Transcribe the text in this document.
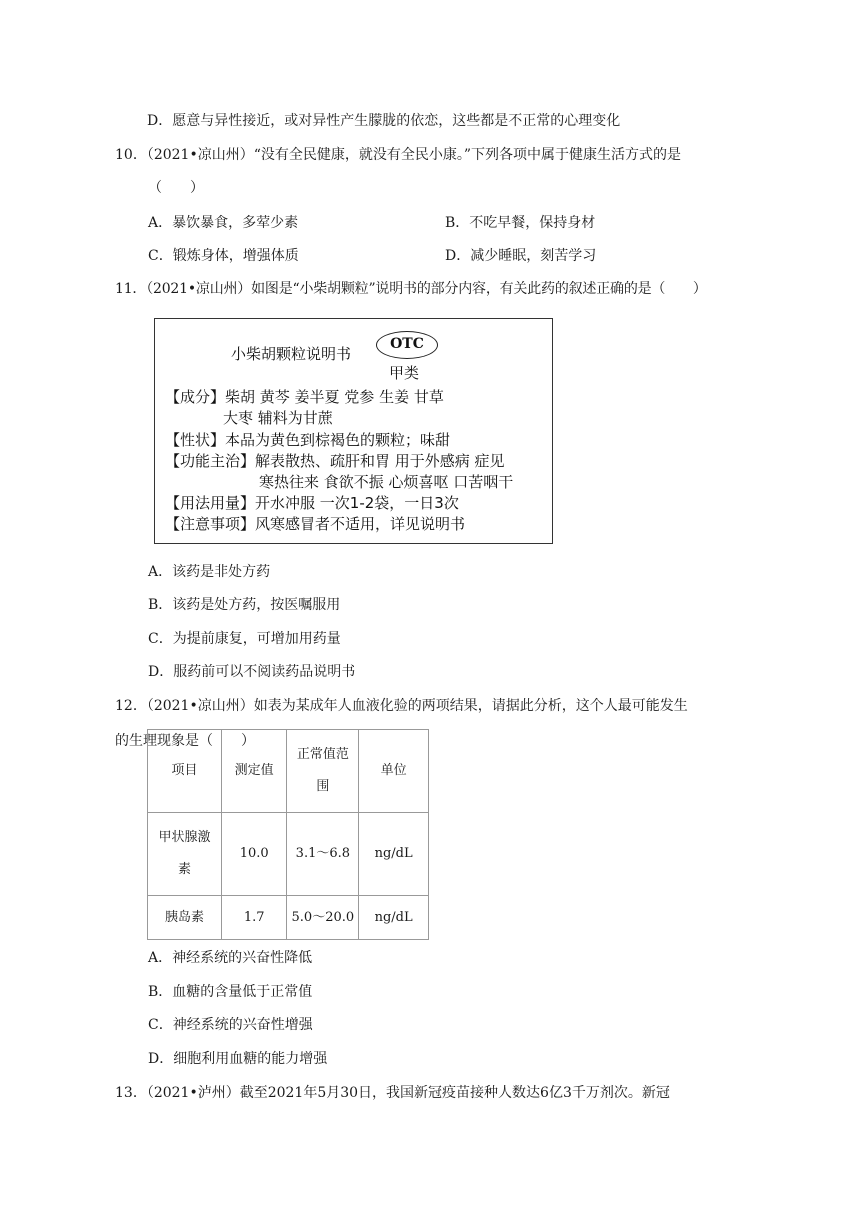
D．愿意与异性接近，或对异性产生朦胧的依恋，这些都是不正常的心理变化
10．（2021•凉山州）“没有全民健康，就没有全民小康。”下列各项中属于健康生活方式的是
（　　）
A．暴饮暴食，多荤少素	B．不吃早餐，保持身材
C．锻炼身体，增强体质	D．减少睡眠，刻苦学习
11．（2021•凉山州）如图是“小柴胡颗粒”说明书的部分内容，有关此药的叙述正确的是（　　）
小柴胡颗粒说明书
OTC
甲类
【成分】柴胡 黄芩 姜半夏 党参 生姜 甘草
大枣 辅料为甘蔗
【性状】本品为黄色到棕褐色的颗粒；味甜
【功能主治】解表散热、疏肝和胃 用于外感病 症见
寒热往来 食欲不振 心烦喜呕 口苦咽干
【用法用量】开水冲服 一次1-2袋，一日3次
【注意事项】风寒感冒者不适用，详见说明书
A．该药是非处方药
B．该药是处方药，按医嘱服用
C．为提前康复，可增加用药量
D．服药前可以不阅读药品说明书
12．（2021•凉山州）如表为某成年人血液化验的两项结果，请据此分析，这个人最可能发生
的生理现象是（　　）
项目	测定值	正常值范围	单位
甲状腺激素	10.0	3.1～6.8	ng/dL
胰岛素	1.7	5.0～20.0	ng/dL
A．神经系统的兴奋性降低
B．血糖的含量低于正常值
C．神经系统的兴奋性增强
D．细胞利用血糖的能力增强
13．（2021•泸州）截至2021年5月30日，我国新冠疫苗接种人数达6亿3千万剂次。新冠
